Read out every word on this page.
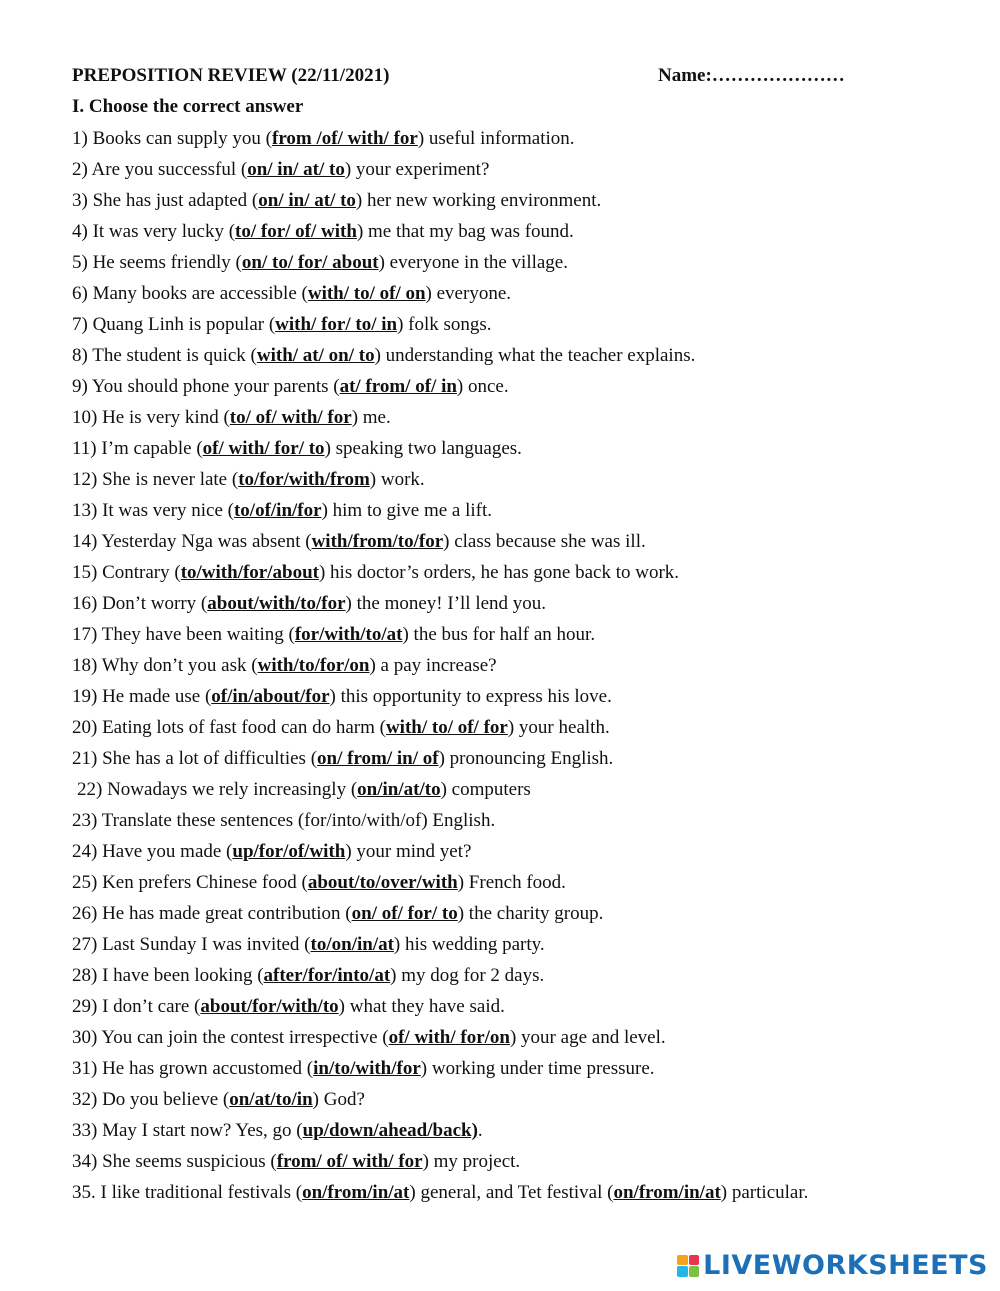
PREPOSITION REVIEW (22/11/2021)	Name:…………………
I. Choose the correct answer
1) Books can supply you (from /of/ with/ for) useful information.
2) Are you successful (on/ in/ at/ to) your experiment?
3) She has just adapted (on/ in/ at/ to) her new working environment.
4) It was very lucky (to/ for/ of/ with) me that my bag was found.
5) He seems friendly (on/ to/ for/ about) everyone in the village.
6) Many books are accessible (with/ to/ of/ on) everyone.
7) Quang Linh is popular (with/ for/ to/ in) folk songs.
8) The student is quick (with/ at/ on/ to) understanding what the teacher explains.
9) You should phone your parents (at/ from/ of/ in) once.
10) He is very kind (to/ of/ with/ for) me.
11) I’m capable (of/ with/ for/ to) speaking two languages.
12) She is never late (to/for/with/from) work.
13) It was very nice (to/of/in/for) him to give me a lift.
14) Yesterday Nga was absent (with/from/to/for) class because she was ill.
15) Contrary (to/with/for/about) his doctor’s orders, he has gone back to work.
16) Don’t worry (about/with/to/for) the money! I’ll lend you.
17) They have been waiting (for/with/to/at) the bus for half an hour.
18) Why don’t you ask (with/to/for/on) a pay increase?
19) He made use (of/in/about/for) this opportunity to express his love.
20) Eating lots of fast food can do harm (with/ to/ of/ for) your health.
21) She has a lot of difficulties (on/ from/ in/ of) pronouncing English.
22) Nowadays we rely increasingly (on/in/at/to) computers
23) Translate these sentences (for/into/with/of) English.
24) Have you made (up/for/of/with) your mind yet?
25) Ken prefers Chinese food (about/to/over/with) French food.
26) He has made great contribution (on/ of/ for/ to) the charity group.
27) Last Sunday I was invited (to/on/in/at) his wedding party.
28) I have been looking (after/for/into/at) my dog for 2 days.
29) I don’t care (about/for/with/to) what they have said.
30) You can join the contest irrespective (of/ with/ for/on) your age and level.
31) He has grown accustomed (in/to/with/for) working under time pressure.
32) Do you believe (on/at/to/in) God?
33) May I start now? Yes, go (up/down/ahead/back).
34) She seems suspicious (from/ of/ with/ for) my project.
35. I like traditional festivals (on/from/in/at) general, and Tet festival (on/from/in/at) particular.
LIVEWORKSHEETS
